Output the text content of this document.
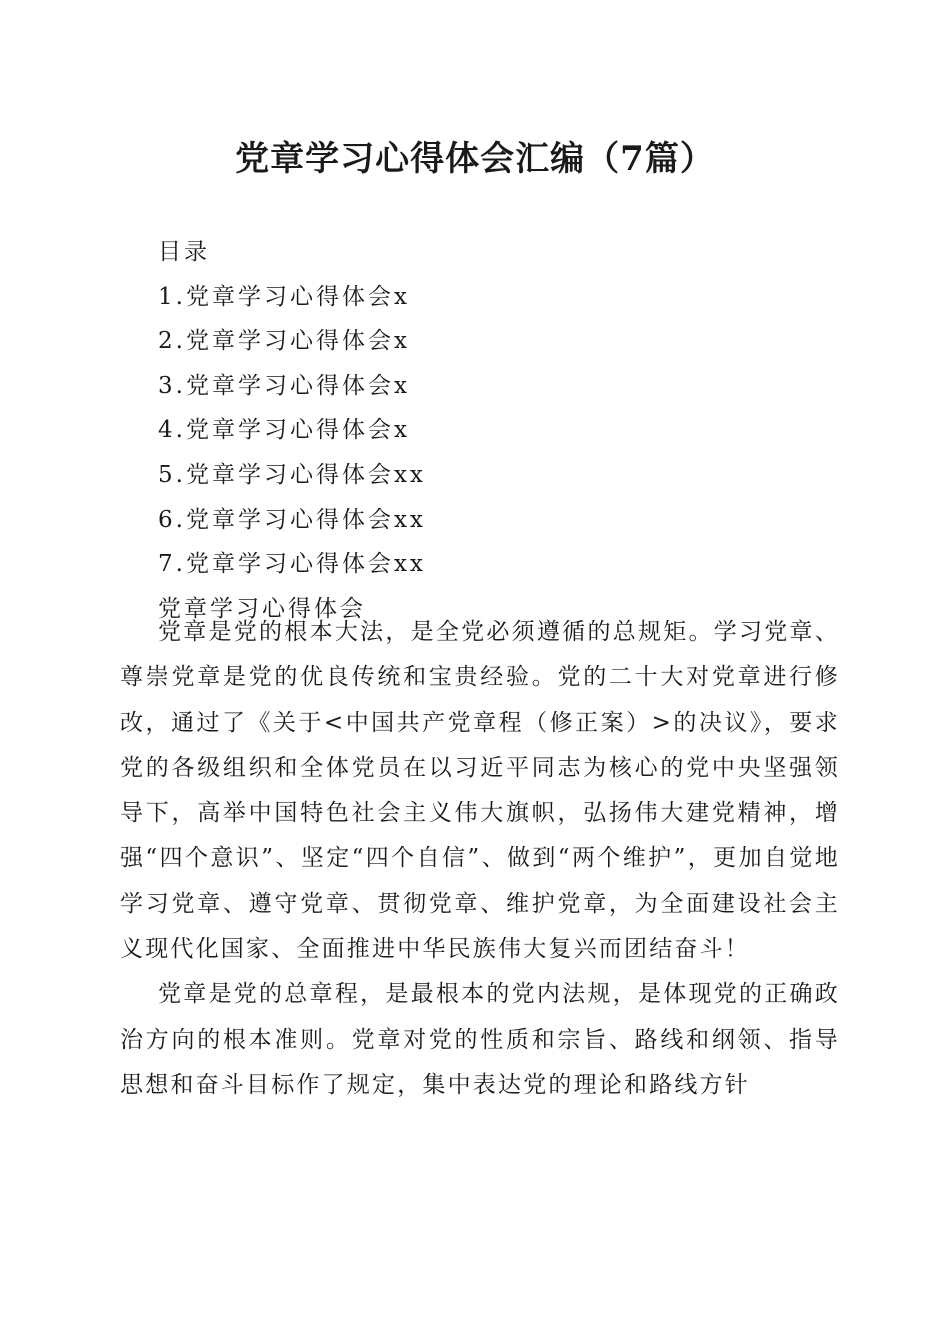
党章学习心得体会汇编（7篇）
目录
1.党章学习心得体会x
2.党章学习心得体会x
3.党章学习心得体会x
4.党章学习心得体会x
5.党章学习心得体会xx
6.党章学习心得体会xx
7.党章学习心得体会xx
党章学习心得体会

党章是党的根本大法，是全党必须遵循的总规矩。学习党章、尊崇党章是党的优良传统和宝贵经验。党的二十大对党章进行修改，通过了《关于<中国共产党章程（修正案）>的决议》，要求党的各级组织和全体党员在以习近平同志为核心的党中央坚强领导下，高举中国特色社会主义伟大旗帜，弘扬伟大建党精神，增强“四个意识”、坚定“四个自信”、做到“两个维护”，更加自觉地学习党章、遵守党章、贯彻党章、维护党章，为全面建设社会主义现代化国家、全面推进中华民族伟大复兴而团结奋斗！

党章是党的总章程，是最根本的党内法规，是体现党的正确政治方向的根本准则。党章对党的性质和宗旨、路线和纲领、指导思想和奋斗目标作了规定，集中表达党的理论和路线方针
